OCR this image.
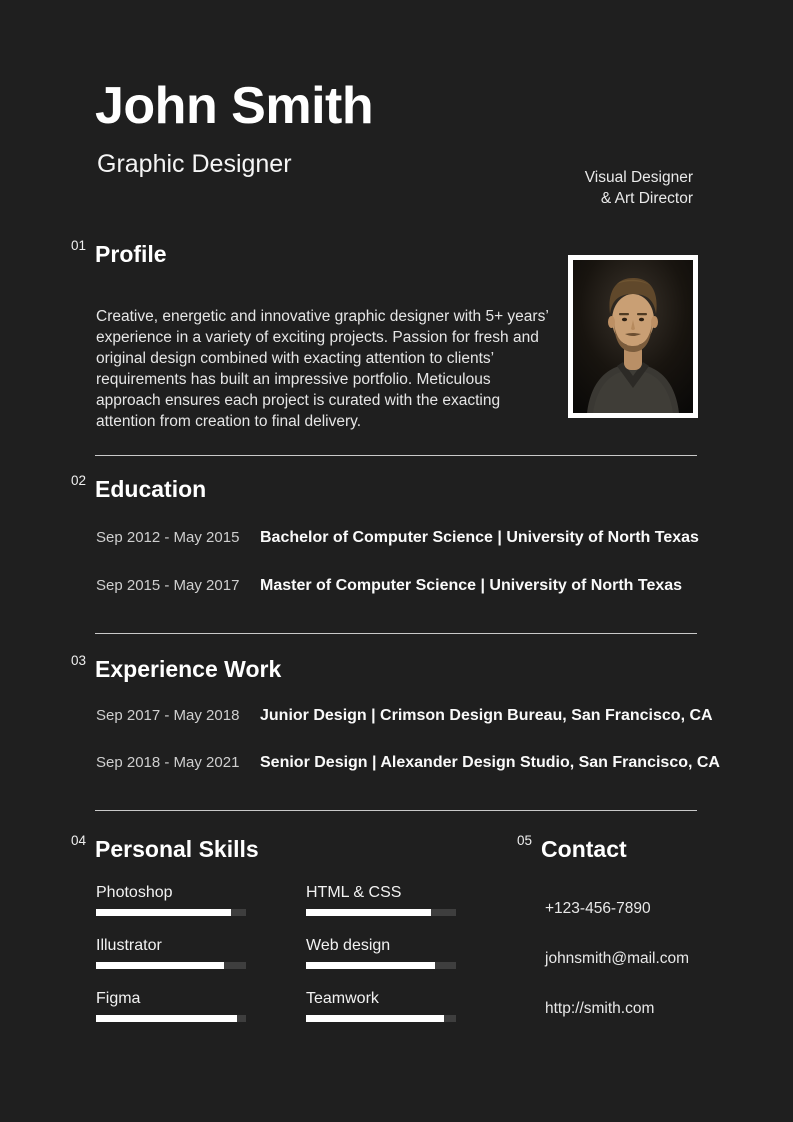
John Smith
Graphic Designer	Visual Designer
& Art Director
01 Profile

Creative, energetic and innovative graphic designer with 5+ years’ experience in a variety of exciting projects. Passion for fresh and original design combined with exacting attention to clients’ requirements has built an impressive portfolio. Meticulous approach ensures each project is curated with the exacting attention from creation to final delivery.

02 Education
Sep 2012 - May 2015 Bachelor of Computer Science | University of North Texas
Sep 2015 - May 2017 Master of Computer Science | University of North Texas
03 Experience Work
Sep 2017 - May 2018 Junior Design | Crimson Design Bureau, San Francisco, CA
Sep 2018 - May 2021 Senior Design | Alexander Design Studio, San Francisco, CA
04 Personal Skills
Photoshop
Illustrator
Figma
HTML & CSS
Web design
Teamwork
05 Contact
+123-456-7890
johnsmith@mail.com
http://smith.com
